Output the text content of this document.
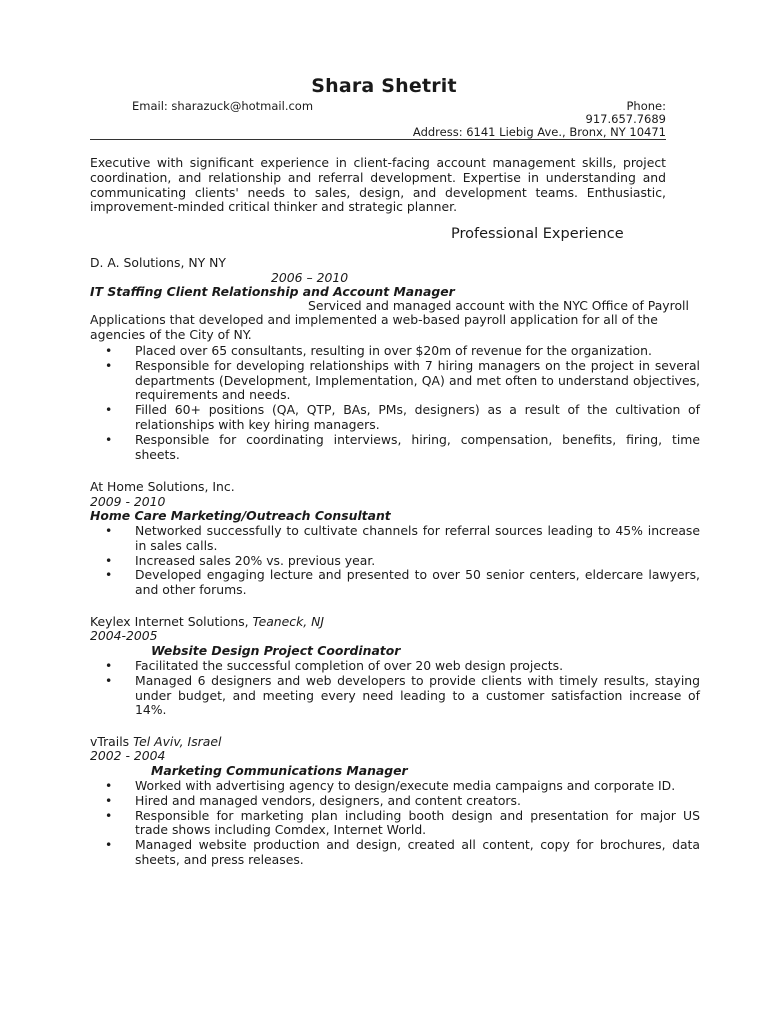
Shara Shetrit
Email: sharazuck@hotmail.com	Phone:
917.657.7689
Address: 6141 Liebig Ave., Bronx, NY 10471
Executive with significant experience in client-facing account management skills, project coordination, and relationship and referral development. Expertise in understanding and communicating clients' needs to sales, design, and development teams. Enthusiastic, improvement-minded critical thinker and strategic planner.
Professional Experience
D. A. Solutions, NY NY
2006 – 2010
IT Staffing Client Relationship and Account Manager
Serviced and managed account with the NYC Office of Payroll
Applications that developed and implemented a web-based payroll application for all of the agencies of the City of NY.
• Placed over 65 consultants, resulting in over $20m of revenue for the organization.
• Responsible for developing relationships with 7 hiring managers on the project in several departments (Development, Implementation, QA) and met often to understand objectives, requirements and needs.
• Filled 60+ positions (QA, QTP, BAs, PMs, designers) as a result of the cultivation of relationships with key hiring managers.
• Responsible for coordinating interviews, hiring, compensation, benefits, firing, time sheets.
At Home Solutions, Inc.
2009 - 2010
Home Care Marketing/Outreach Consultant
• Networked successfully to cultivate channels for referral sources leading to 45% increase in sales calls.
• Increased sales 20% vs. previous year.
• Developed engaging lecture and presented to over 50 senior centers, eldercare lawyers, and other forums.
Keylex Internet Solutions, Teaneck, NJ
2004-2005
Website Design Project Coordinator
• Facilitated the successful completion of over 20 web design projects.
• Managed 6 designers and web developers to provide clients with timely results, staying under budget, and meeting every need leading to a customer satisfaction increase of 14%.
vTrails Tel Aviv, Israel
2002 - 2004
Marketing Communications Manager
• Worked with advertising agency to design/execute media campaigns and corporate ID.
• Hired and managed vendors, designers, and content creators.
• Responsible for marketing plan including booth design and presentation for major US trade shows including Comdex, Internet World.
• Managed website production and design, created all content, copy for brochures, data sheets, and press releases.
